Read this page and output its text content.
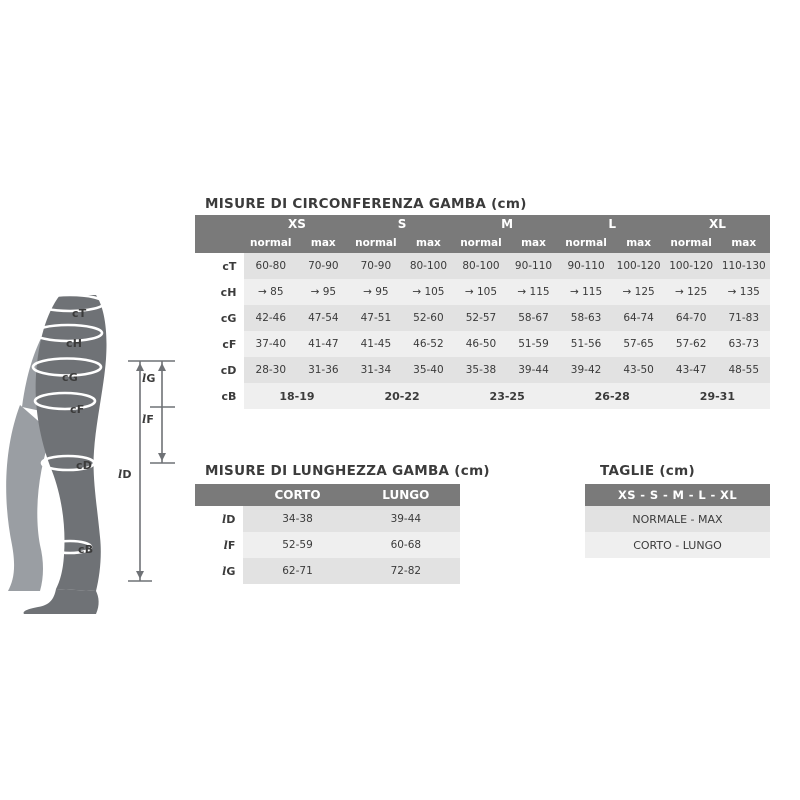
cT
cH
cG
cF
cD
cB
lG
lF
lD
MISURE DI CIRCONFERENZA GAMBA (cm)
	XS		S		M		L		XL	
	normal	max	normal	max	normal	max	normal	max	normal	max
cT	60-80	70-90	70-90	80-100	80-100	90-110	90-110	100-120	100-120	110-130
cH	→ 85	→ 95	→ 95	→ 105	→ 105	→ 115	→ 115	→ 125	→ 125	→ 135
cG	42-46	47-54	47-51	52-60	52-57	58-67	58-63	64-74	64-70	71-83
cF	37-40	41-47	41-45	46-52	46-50	51-59	51-56	57-65	57-62	63-73
cD	28-30	31-36	31-34	35-40	35-38	39-44	39-42	43-50	43-47	48-55
cB	18-19		20-22		23-25		26-28		29-31	
MISURE DI LUNGHEZZA GAMBA (cm)
	CORTO	LUNGO
lD	34-38	39-44
lF	52-59	60-68
lG	62-71	72-82
TAGLIE (cm)
XS - S - M - L - XL
NORMALE - MAX
CORTO - LUNGO
